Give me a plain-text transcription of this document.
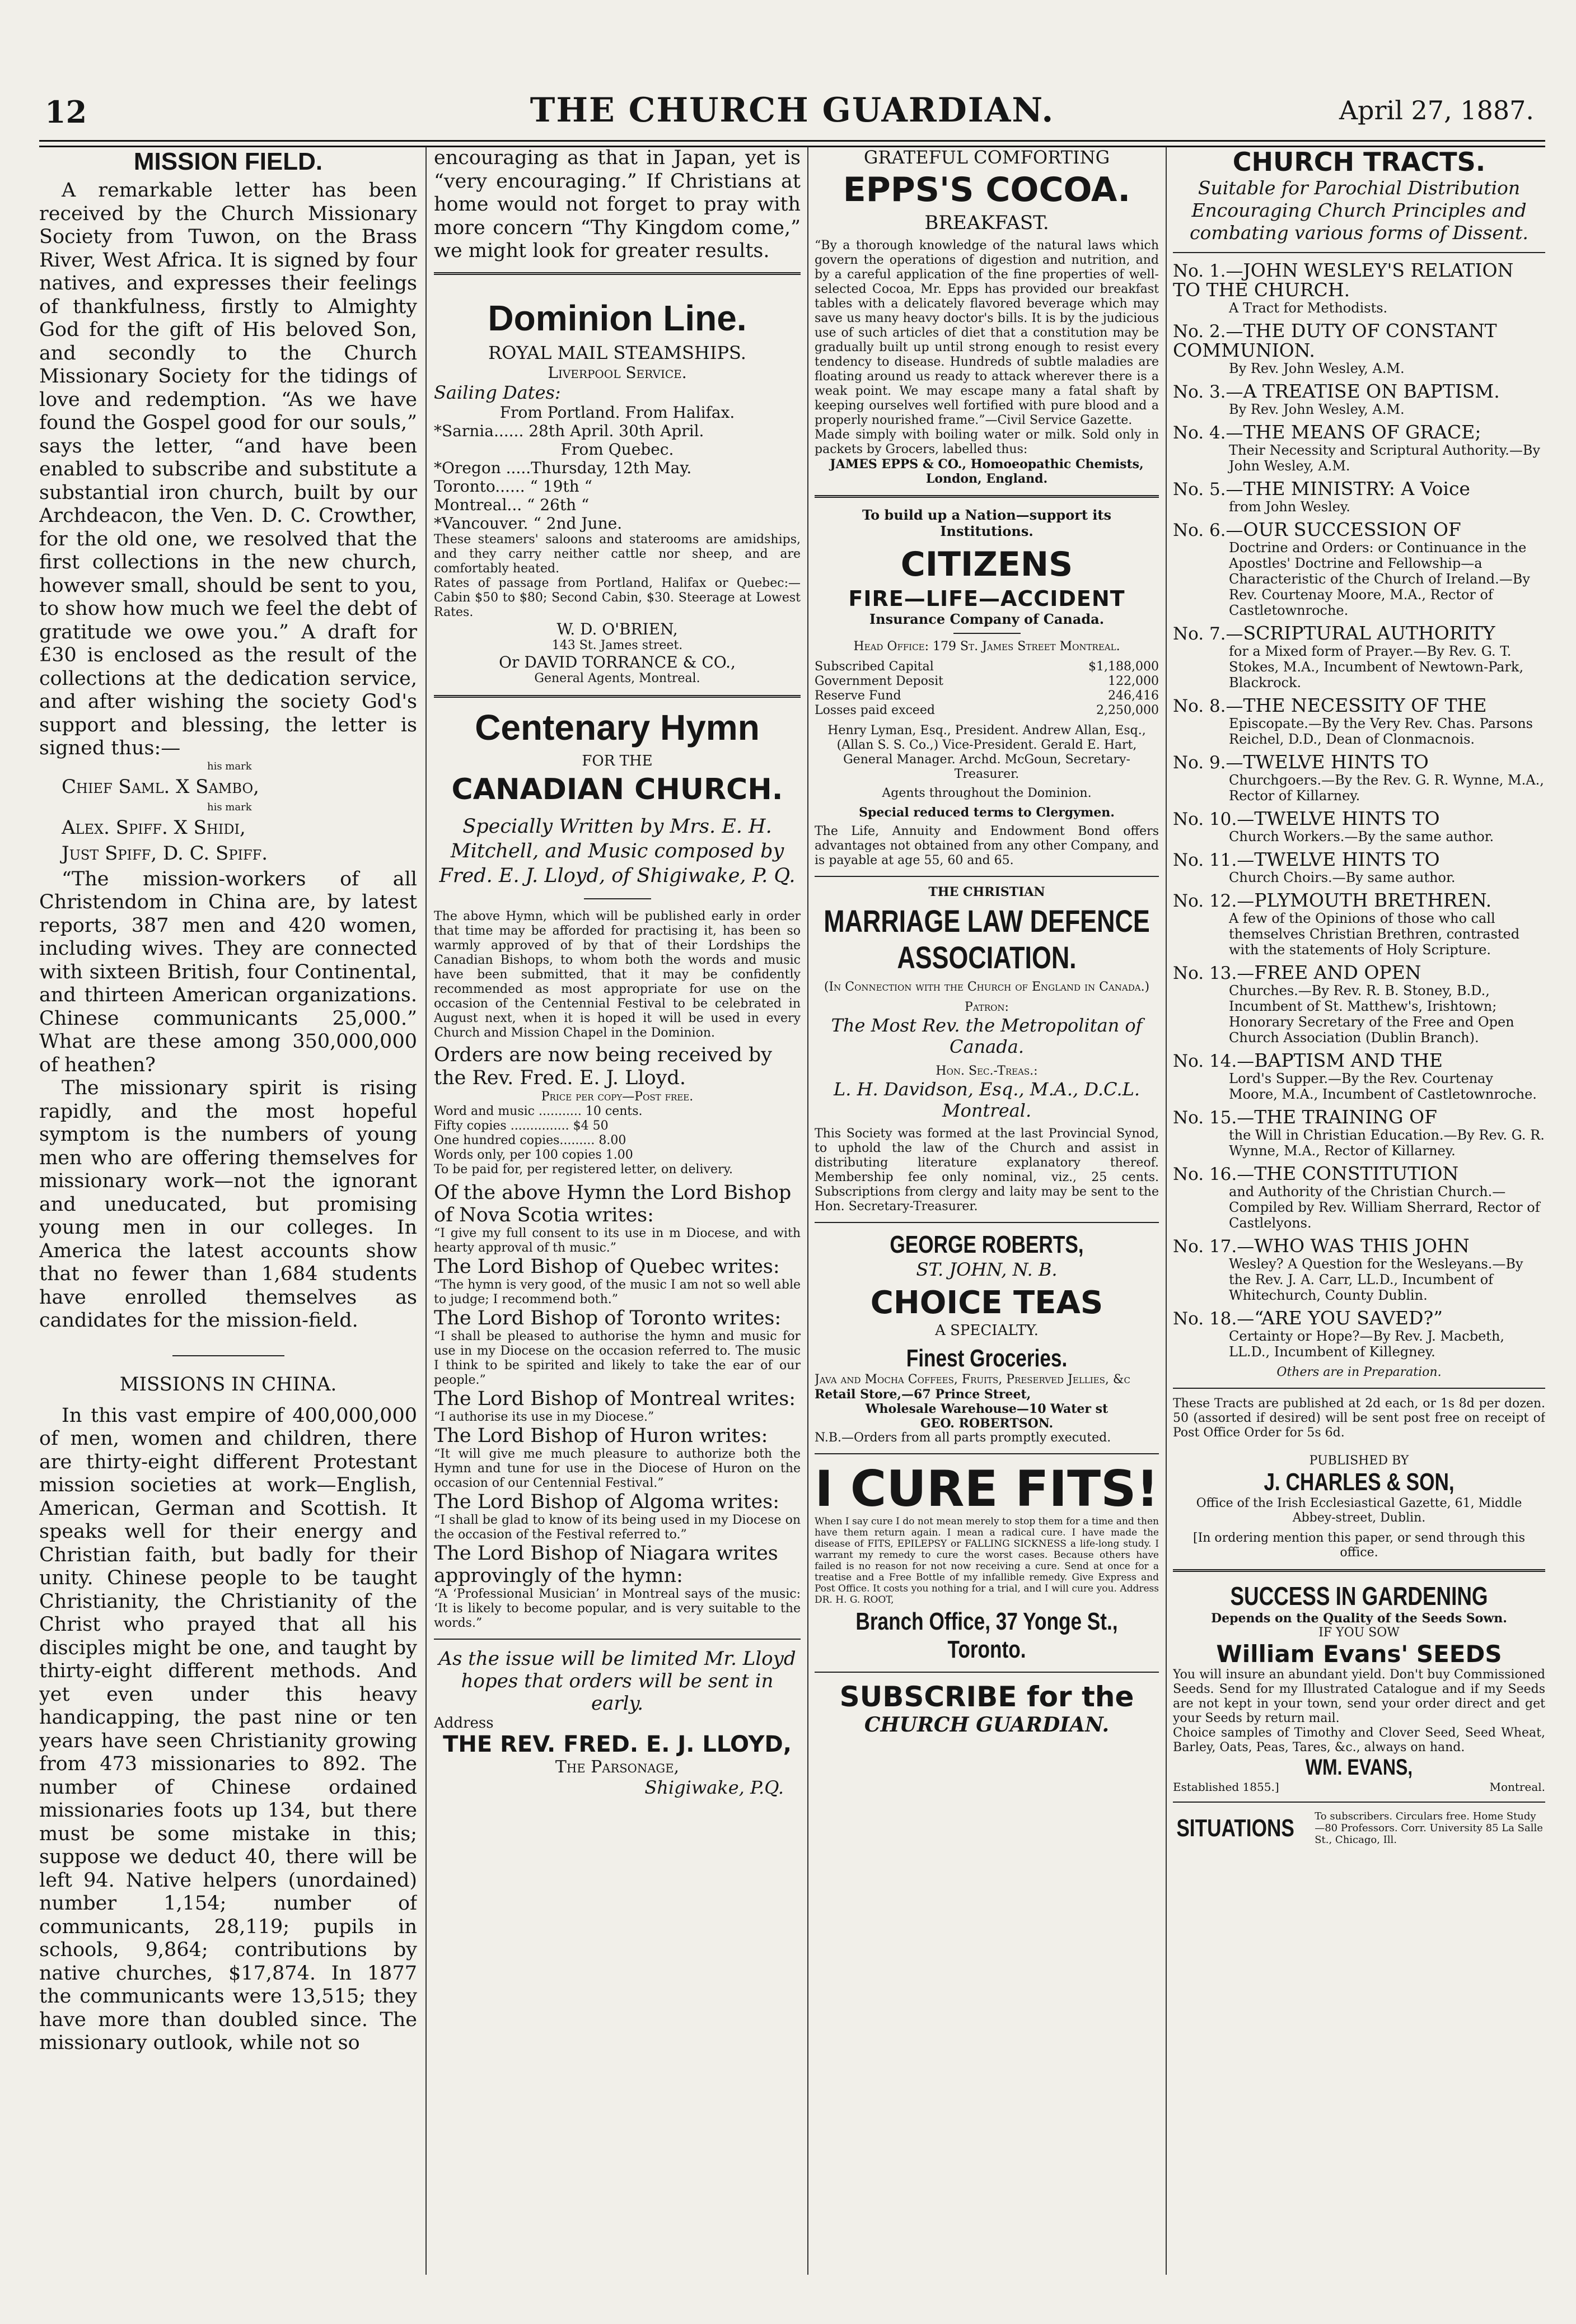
12	THE CHURCH GUARDIAN.	April 27, 1887.
MISSION FIELD.

A remarkable letter has been received by the Church Missionary Society from Tuwon, on the Brass River, West Africa. It is signed by four natives, and expresses their feelings of thankfulness, firstly to Almighty God for the gift of His beloved Son, and secondly to the Church Missionary Society for the tidings of love and redemption. “As we have found the Gospel good for our souls,” says the letter, “and have been enabled to subscribe and substitute a substantial iron church, built by our Archdeacon, the Ven. D. C. Crowther, for the old one, we resolved that the first collections in the new church, however small, should be sent to you, to show how much we feel the debt of gratitude we owe you.” A draft for £30 is enclosed as the result of the collections at the dedication service, and after wishing the society God's support and blessing, the letter is signed thus:—

his mark

Chief Saml. X Sambo,

his mark

Alex. Spiff. X Shidi,

Just Spiff, D. C. Spiff.

“The mission-workers of all Christendom in China are, by latest reports, 387 men and 420 women, including wives. They are connected with sixteen British, four Continental, and thirteen American organizations. Chinese communicants 25,000.” What are these among 350,000,000 of heathen?

The missionary spirit is rising rapidly, and the most hopeful symptom is the numbers of young men who are offering themselves for missionary work—not the ignorant and uneducated, but promising young men in our colleges. In America the latest accounts show that no fewer than 1,684 students have enrolled themselves as candidates for the mission-field.

MISSIONS IN CHINA.

In this vast empire of 400,000,000 of men, women and children, there are thirty-eight different Protestant mission societies at work—English, American, German and Scottish. It speaks well for their energy and Christian faith, but badly for their unity. Chinese people to be taught Christianity, the Christianity of the Christ who prayed that all his disciples might be one, and taught by thirty-eight different methods. And yet even under this heavy handicapping, the past nine or ten years have seen Christianity growing from 473 missionaries to 892. The number of Chinese ordained missionaries foots up 134, but there must be some mistake in this; suppose we deduct 40, there will be left 94. Native helpers (unordained) number 1,154; number of communicants, 28,119; pupils in schools, 9,864; contributions by native churches, $17,874. In 1877 the communicants were 13,515; they have more than doubled since. The missionary outlook, while not so

encouraging as that in Japan, yet is “very encouraging.” If Christians at home would not forget to pray with more concern “Thy Kingdom come,” we might look for greater results.

Dominion Line.
ROYAL MAIL STEAMSHIPS.
Liverpool Service.
Sailing Dates:
From Portland. From Halifax.
*Sarnia...... 28th April. 30th April.
From Quebec.
*Oregon .....Thursday, 12th May.
Toronto...... “ 19th “
Montreal... “ 26th “
*Vancouver. “ 2nd June.

These steamers' saloons and staterooms are amidships, and they carry neither cattle nor sheep, and are comfortably heated.

Rates of passage from Portland, Halifax or Quebec:—Cabin $50 to $80; Second Cabin, $30. Steerage at Lowest Rates.

W. D. O'BRIEN,
143 St. James street.
Or DAVID TORRANCE & CO.,
General Agents, Montreal.
Centenary Hymn
FOR THE
CANADIAN CHURCH.

Specially Written by Mrs. E. H. Mitchell, and Music composed by Fred. E. J. Lloyd, of Shigiwake, P. Q.

The above Hymn, which will be published early in order that time may be afforded for practising it, has been so warmly approved of by that of their Lordships the Canadian Bishops, to whom both the words and music have been submitted, that it may be confidently recommended as most appropriate for use on the occasion of the Centennial Festival to be celebrated in August next, when it is hoped it will be used in every Church and Mission Chapel in the Dominion.

Orders are now being received by the Rev. Fred. E. J. Lloyd.

Price per copy—Post free.
Word and music ........... 10 cents.
Fifty copies ............... $4 50
One hundred copies......... 8.00
Words only, per 100 copies 1.00

To be paid for, per registered letter, on delivery.

Of the above Hymn the Lord Bishop of Nova Scotia writes:

“I give my full consent to its use in m Diocese, and with hearty approval of th music.”

The Lord Bishop of Quebec writes:

“The hymn is very good, of the music I am not so well able to judge; I recommend both.”

The Lord Bishop of Toronto writes:

“I shall be pleased to authorise the hymn and music for use in my Diocese on the occasion referred to. The music I think to be spirited and likely to take the ear of our people.”

The Lord Bishop of Montreal writes:

“I authorise its use in my Diocese.”

The Lord Bishop of Huron writes:

“It will give me much pleasure to authorize both the Hymn and tune for use in the Diocese of Huron on the occasion of our Centennial Festival.”

The Lord Bishop of Algoma writes:

“I shall be glad to know of its being used in my Diocese on the occasion of the Festival referred to.”

The Lord Bishop of Niagara writes approvingly of the hymn:

“A ‘Professional Musician’ in Montreal says of the music: ‘It is likely to become popular, and is very suitable to the words.”

As the issue will be limited Mr. Lloyd hopes that orders will be sent in early.

Address
THE REV. FRED. E. J. LLOYD,
The Parsonage,
Shigiwake, P.Q.
GRATEFUL COMFORTING
EPPS'S COCOA.
BREAKFAST.

“By a thorough knowledge of the natural laws which govern the operations of digestion and nutrition, and by a careful application of the fine properties of well-selected Cocoa, Mr. Epps has provided our breakfast tables with a delicately flavored beverage which may save us many heavy doctor's bills. It is by the judicious use of such articles of diet that a constitution may be gradually built up until strong enough to resist every tendency to disease. Hundreds of subtle maladies are floating around us ready to attack wherever there is a weak point. We may escape many a fatal shaft by keeping ourselves well fortified with pure blood and a properly nourished frame.”—Civil Service Gazette.

Made simply with boiling water or milk. Sold only in packets by Grocers, labelled thus:

JAMES EPPS & CO., Homoeopathic Chemists, London, England.
To build up a Nation—support its Institutions.
CITIZENS
FIRE—LIFE—ACCIDENT
Insurance Company of Canada.
Head Office: 179 St. James Street Montreal.
Subscribed Capital	$1,188,000
Government Deposit	122,000
Reserve Fund	246,416
Losses paid exceed	2,250,000

Henry Lyman, Esq., President. Andrew Allan, Esq., (Allan S. S. Co.,) Vice-President. Gerald E. Hart, General Manager. Archd. McGoun, Secretary-Treasurer.

Agents throughout the Dominion.
Special reduced terms to Clergymen.

The Life, Annuity and Endowment Bond offers advantages not obtained from any other Company, and is payable at age 55, 60 and 65.

THE CHRISTIAN
MARRIAGE LAW DEFENCE
ASSOCIATION.
(In Connection with the Church of England in Canada.)
Patron:
The Most Rev. the Metropolitan of Canada.
Hon. Sec.-Treas.:
L. H. Davidson, Esq., M.A., D.C.L. Montreal.

This Society was formed at the last Provincial Synod, to uphold the law of the Church and assist in distributing literature explanatory thereof. Membership fee only nominal, viz., 25 cents. Subscriptions from clergy and laity may be sent to the Hon. Secretary-Treasurer.

GEORGE ROBERTS,
ST. JOHN, N. B.
CHOICE TEAS
A SPECIALTY.
Finest Groceries.

Java and Mocha Coffees, Fruits, Preserved Jellies, &c

Retail Store,—67 Prince Street,
Wholesale Warehouse—10 Water st
GEO. ROBERTSON.

N.B.—Orders from all parts promptly executed.

I CURE FITS!

When I say cure I do not mean merely to stop them for a time and then have them return again. I mean a radical cure. I have made the disease of FITS, EPILEPSY or FALLING SICKNESS a life-long study. I warrant my remedy to cure the worst cases. Because others have failed is no reason for not now receiving a cure. Send at once for a treatise and a Free Bottle of my infallible remedy. Give Express and Post Office. It costs you nothing for a trial, and I will cure you. Address DR. H. G. ROOT,

Branch Office, 37 Yonge St., Toronto.
SUBSCRIBE for the
CHURCH GUARDIAN.
CHURCH TRACTS.

Suitable for Parochial Distribution Encouraging Church Principles and combating various forms of Dissent.

No. 1.—JOHN WESLEY'S RELATION TO THE CHURCH.
A Tract for Methodists.
No. 2.—THE DUTY OF CONSTANT COMMUNION.
By Rev. John Wesley, A.M.
No. 3.—A TREATISE ON BAPTISM.
By Rev. John Wesley, A.M.
No. 4.—THE MEANS OF GRACE;
Their Necessity and Scriptural Authority.—By John Wesley, A.M.
No. 5.—THE MINISTRY: A Voice
from John Wesley.
No. 6.—OUR SUCCESSION OF
Doctrine and Orders: or Continuance in the Apostles' Doctrine and Fellowship—a Characteristic of the Church of Ireland.—By Rev. Courtenay Moore, M.A., Rector of Castletownroche.
No. 7.—SCRIPTURAL AUTHORITY
for a Mixed form of Prayer.—By Rev. G. T. Stokes, M.A., Incumbent of Newtown-Park, Blackrock.
No. 8.—THE NECESSITY OF THE
Episcopate.—By the Very Rev. Chas. Parsons Reichel, D.D., Dean of Clonmacnois.
No. 9.—TWELVE HINTS TO
Churchgoers.—By the Rev. G. R. Wynne, M.A., Rector of Killarney.
No. 10.—TWELVE HINTS TO
Church Workers.—By the same author.
No. 11.—TWELVE HINTS TO
Church Choirs.—By same author.
No. 12.—PLYMOUTH BRETHREN.
A few of the Opinions of those who call themselves Christian Brethren, contrasted with the statements of Holy Scripture.
No. 13.—FREE AND OPEN
Churches.—By Rev. R. B. Stoney, B.D., Incumbent of St. Matthew's, Irishtown; Honorary Secretary of the Free and Open Church Association (Dublin Branch).
No. 14.—BAPTISM AND THE
Lord's Supper.—By the Rev. Courtenay Moore, M.A., Incumbent of Castletownroche.
No. 15.—THE TRAINING OF
the Will in Christian Education.—By Rev. G. R. Wynne, M.A., Rector of Killarney.
No. 16.—THE CONSTITUTION
and Authority of the Christian Church.—Compiled by Rev. William Sherrard, Rector of Castlelyons.
No. 17.—WHO WAS THIS JOHN
Wesley? A Question for the Wesleyans.—By the Rev. J. A. Carr, LL.D., Incumbent of Whitechurch, County Dublin.
No. 18.—“ARE YOU SAVED?”
Certainty or Hope?—By Rev. J. Macbeth, LL.D., Incumbent of Killegney.
Others are in Preparation.

These Tracts are published at 2d each, or 1s 8d per dozen. 50 (assorted if desired) will be sent post free on receipt of Post Office Order for 5s 6d.

PUBLISHED BY
J. CHARLES & SON,

Office of the Irish Ecclesiastical Gazette, 61, Middle Abbey-street, Dublin.

[In ordering mention this paper, or send through this office.

SUCCESS IN GARDENING
Depends on the Quality of the Seeds Sown.
IF YOU SOW
William Evans' SEEDS

You will insure an abundant yield. Don't buy Commissioned Seeds. Send for my Illustrated Catalogue and if my Seeds are not kept in your town, send your order direct and get your Seeds by return mail.

Choice samples of Timothy and Clover Seed, Seed Wheat, Barley, Oats, Peas, Tares, &c., always on hand.

WM. EVANS,
Established 1855.]	Montreal.
SITUATIONS To subscribers. Circulars free. Home Study—80 Professors. Corr. University 85 La Salle St., Chicago, Ill.
